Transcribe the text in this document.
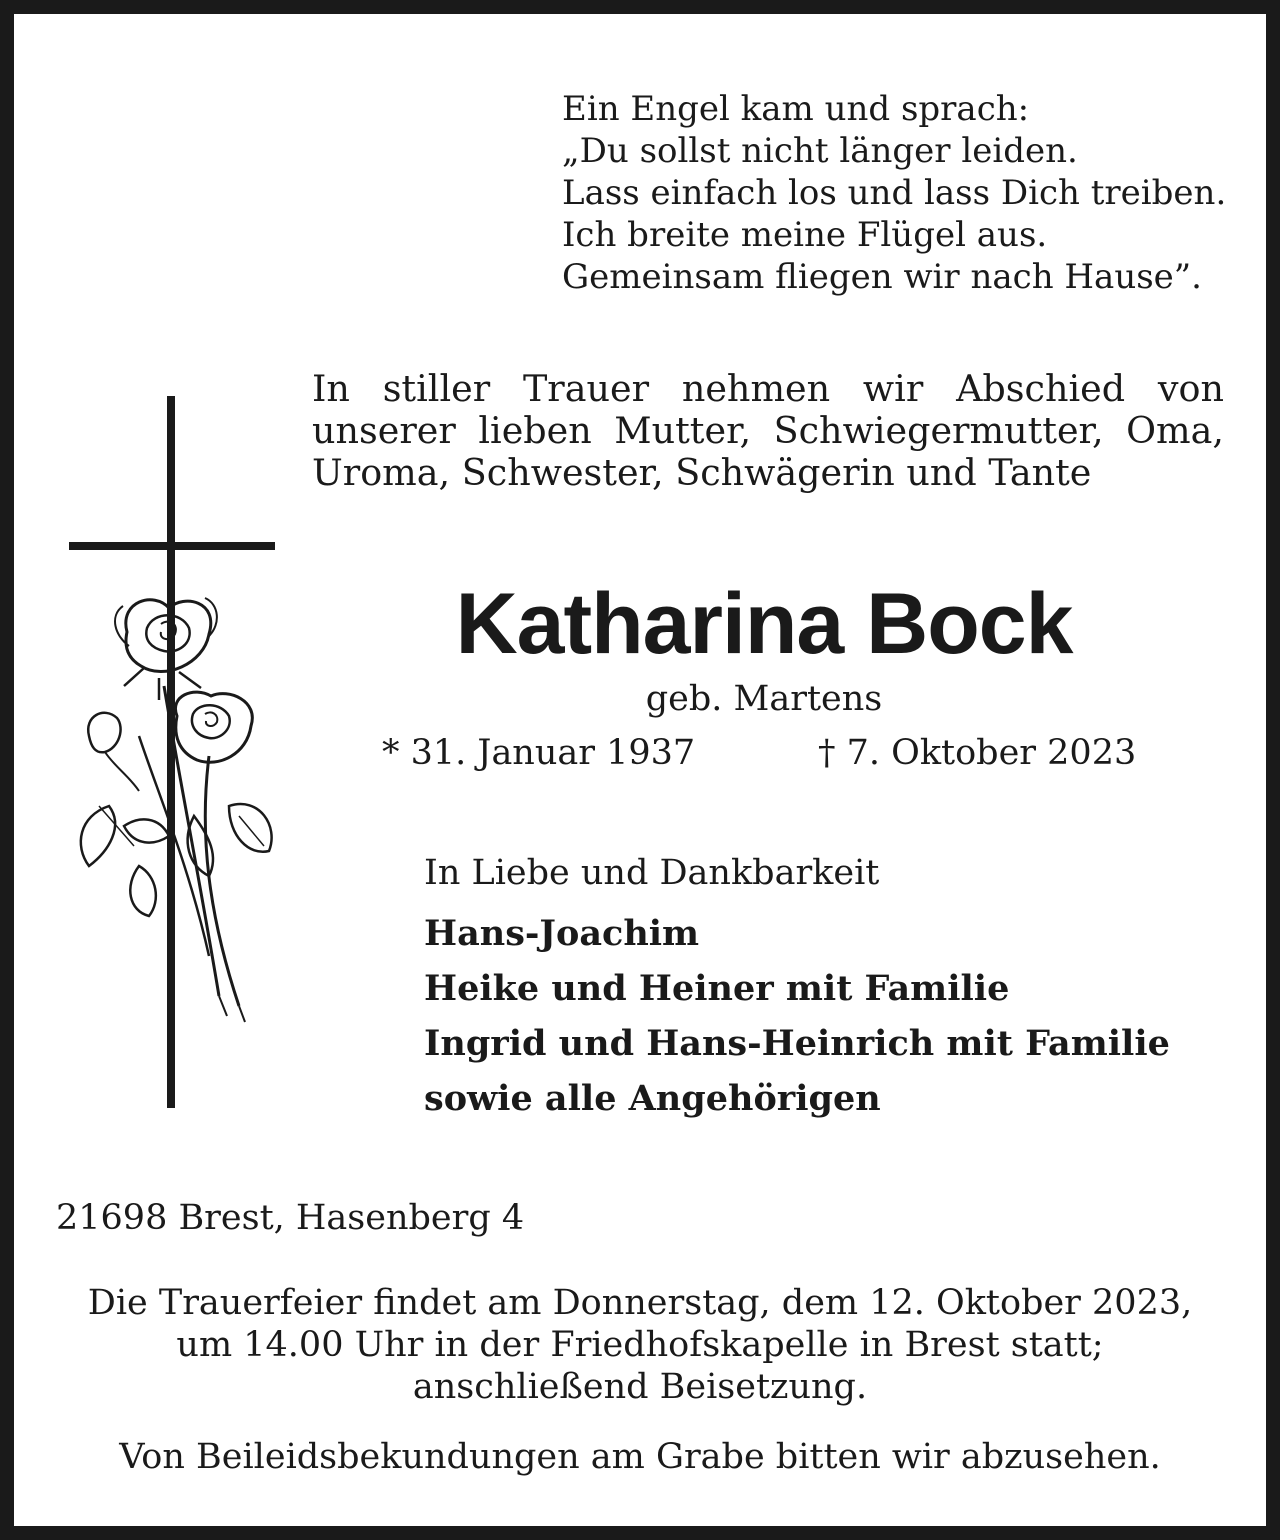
Ein Engel kam und sprach:
„Du sollst nicht länger leiden.
Lass einfach los und lass Dich treiben.
Ich breite meine Flügel aus.
Gemeinsam fliegen wir nach Hause”.
In stiller Trauer nehmen wir Abschied von
unserer lieben Mutter, Schwiegermutter, Oma,
Uroma, Schwester, Schwägerin und Tante
Katharina Bock
geb. Martens
* 31. Januar 1937	† 7. Oktober 2023
In Liebe und Dankbarkeit
Hans-Joachim
Heike und Heiner mit Familie
Ingrid und Hans-Heinrich mit Familie
sowie alle Angehörigen
21698 Brest, Hasenberg 4
Die Trauerfeier findet am Donnerstag, dem 12. Oktober 2023,
um 14.00 Uhr in der Friedhofskapelle in Brest statt;
anschließend Beisetzung.
Von Beileidsbekundungen am Grabe bitten wir abzusehen.
